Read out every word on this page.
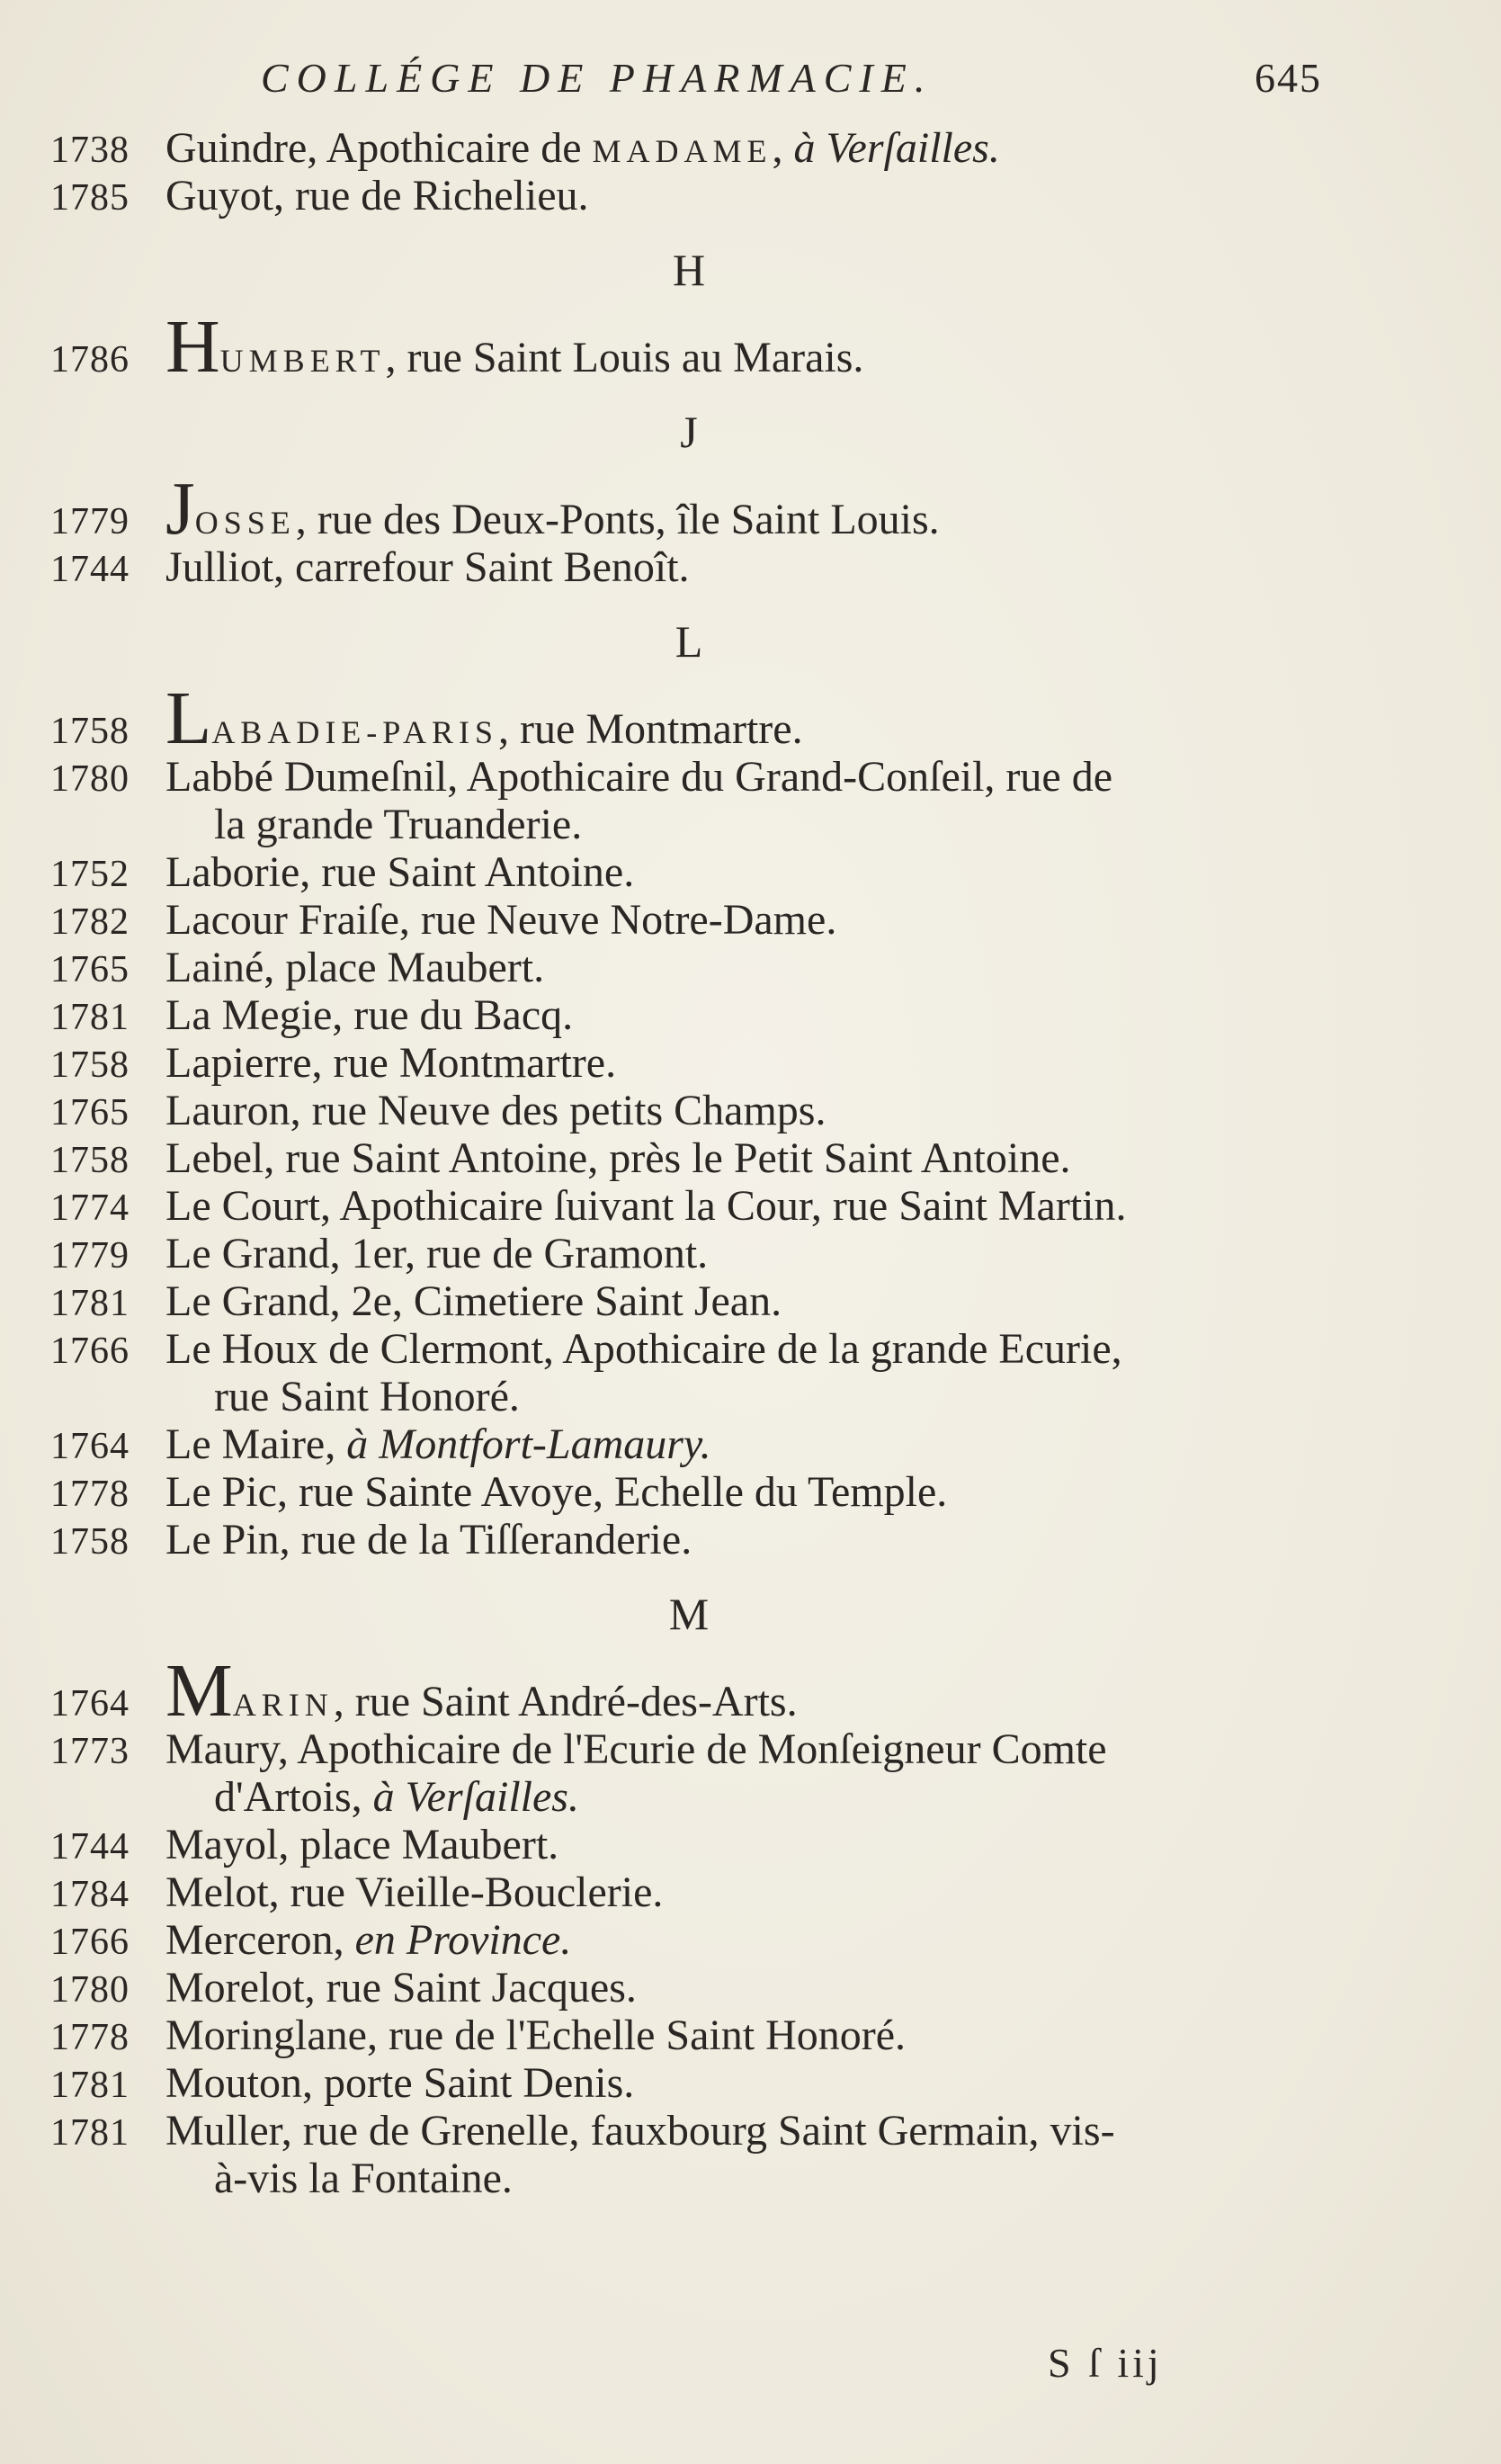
COLLÉGE DE PHARMACIE.	645
1738 Guindre, Apothicaire de MADAME, à Verſailles.
1785 Guyot, rue de Richelieu.
H
1786 HUMBERT, rue Saint Louis au Marais.
J
1779 JOSSE, rue des Deux-Ponts, île Saint Louis.
1744 Julliot, carrefour Saint Benoît.
L
1758 LABADIE-PARIS, rue Montmartre.
1780 Labbé Dumeſnil, Apothicaire du Grand-Conſeil, rue de
la grande Truanderie.
1752 Laborie, rue Saint Antoine.
1782 Lacour Fraiſe, rue Neuve Notre-Dame.
1765 Lainé, place Maubert.
1781 La Megie, rue du Bacq.
1758 Lapierre, rue Montmartre.
1765 Lauron, rue Neuve des petits Champs.
1758 Lebel, rue Saint Antoine, près le Petit Saint Antoine.
1774 Le Court, Apothicaire ſuivant la Cour, rue Saint Martin.
1779 Le Grand, 1er, rue de Gramont.
1781 Le Grand, 2e, Cimetiere Saint Jean.
1766 Le Houx de Clermont, Apothicaire de la grande Ecurie,
rue Saint Honoré.
1764 Le Maire, à Montfort-Lamaury.
1778 Le Pic, rue Sainte Avoye, Echelle du Temple.
1758 Le Pin, rue de la Tiſſeranderie.
M
1764 MARIN, rue Saint André-des-Arts.
1773 Maury, Apothicaire de l'Ecurie de Monſeigneur Comte
d'Artois, à Verſailles.
1744 Mayol, place Maubert.
1784 Melot, rue Vieille-Bouclerie.
1766 Merceron, en Province.
1780 Morelot, rue Saint Jacques.
1778 Moringlane, rue de l'Echelle Saint Honoré.
1781 Mouton, porte Saint Denis.
1781 Muller, rue de Grenelle, fauxbourg Saint Germain, vis-
à-vis la Fontaine.
S ſ iij
